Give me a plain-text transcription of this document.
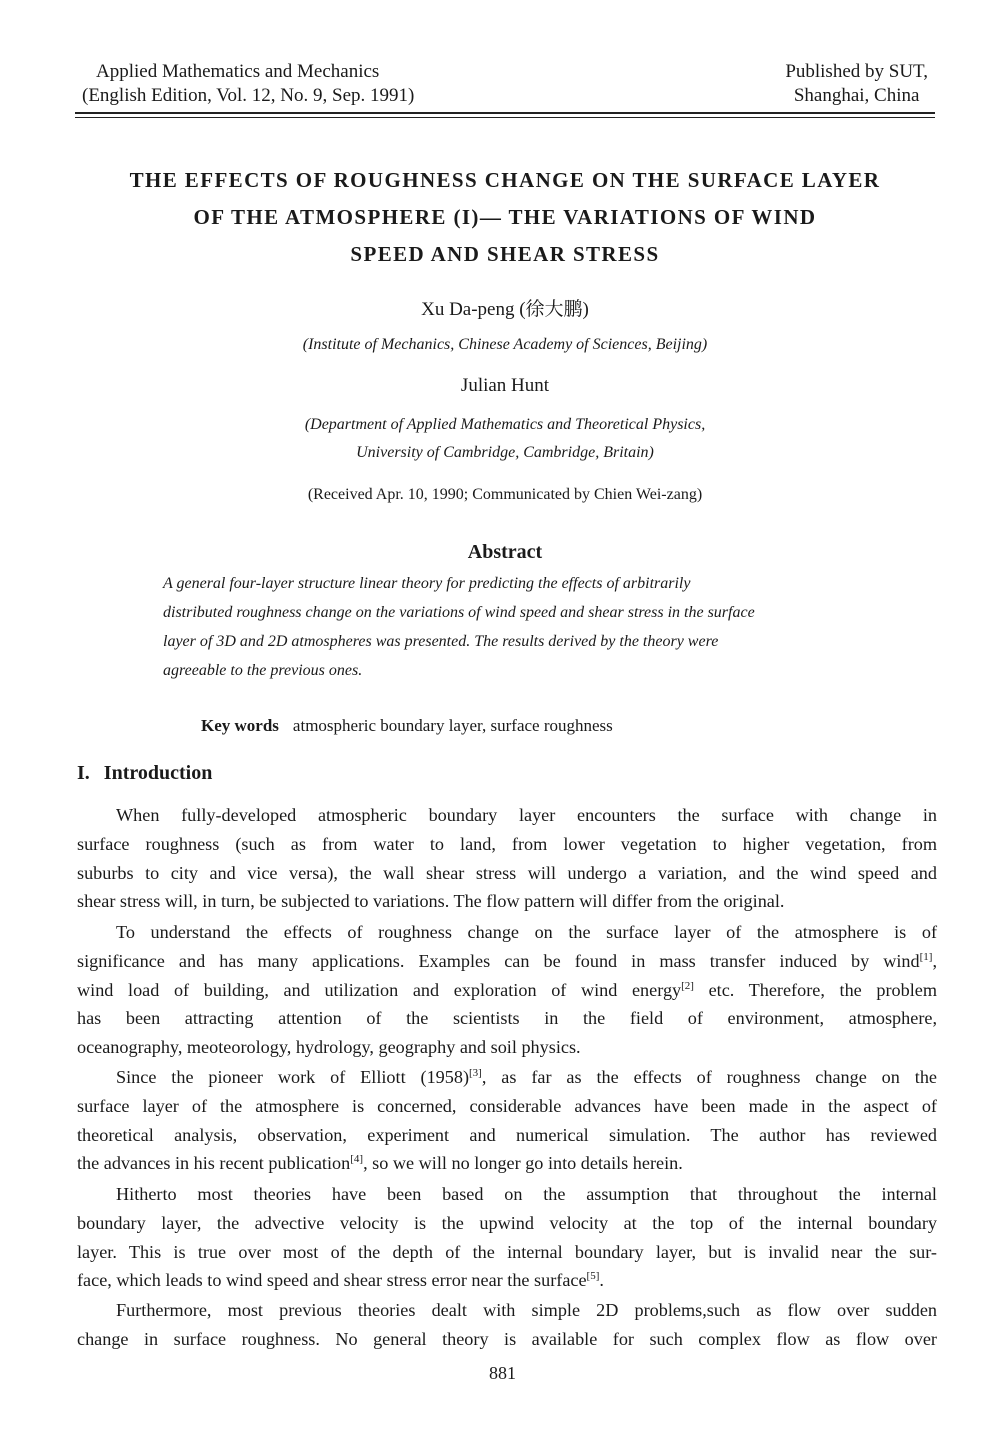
Applied Mathematics and Mechanics
(English Edition, Vol. 12, No. 9, Sep. 1991)
Published by SUT,
Shanghai, China
THE EFFECTS OF ROUGHNESS CHANGE ON THE SURFACE LAYER
OF THE ATMOSPHERE (I)— THE VARIATIONS OF WIND
SPEED AND SHEAR STRESS
Xu Da-peng (徐大鹏)
(Institute of Mechanics, Chinese Academy of Sciences, Beijing)
Julian Hunt
(Department of Applied Mathematics and Theoretical Physics,
University of Cambridge, Cambridge, Britain)
(Received Apr. 10, 1990; Communicated by Chien Wei-zang)
Abstract
A general four-layer structure linear theory for predicting the effects of arbitrarily
distributed roughness change on the variations of wind speed and shear stress in the surface
layer of 3D and 2D atmospheres was presented. The results derived by the theory were
agreeable to the previous ones.
Key words atmospheric boundary layer, surface roughness
I. Introduction
When fully-developed atmospheric boundary layer encounters the surface with change in
surface roughness (such as from water to land, from lower vegetation to higher vegetation, from
suburbs to city and vice versa), the wall shear stress will undergo a variation, and the wind speed and
shear stress will, in turn, be subjected to variations. The flow pattern will differ from the original.
To understand the effects of roughness change on the surface layer of the atmosphere is of
significance and has many applications. Examples can be found in mass transfer induced by wind[1],
wind load of building, and utilization and exploration of wind energy[2] etc. Therefore, the problem
has been attracting attention of the scientists in the field of environment, atmosphere,
oceanography, meoteorology, hydrology, geography and soil physics.
Since the pioneer work of Elliott (1958)[3], as far as the effects of roughness change on the
surface layer of the atmosphere is concerned, considerable advances have been made in the aspect of
theoretical analysis, observation, experiment and numerical simulation. The author has reviewed
the advances in his recent publication[4], so we will no longer go into details herein.
Hitherto most theories have been based on the assumption that throughout the internal
boundary layer, the advective velocity is the upwind velocity at the top of the internal boundary
layer. This is true over most of the depth of the internal boundary layer, but is invalid near the sur-
face, which leads to wind speed and shear stress error near the surface[5].
Furthermore, most previous theories dealt with simple 2D problems,such as flow over sudden
change in surface roughness. No general theory is available for such complex flow as flow over
881
